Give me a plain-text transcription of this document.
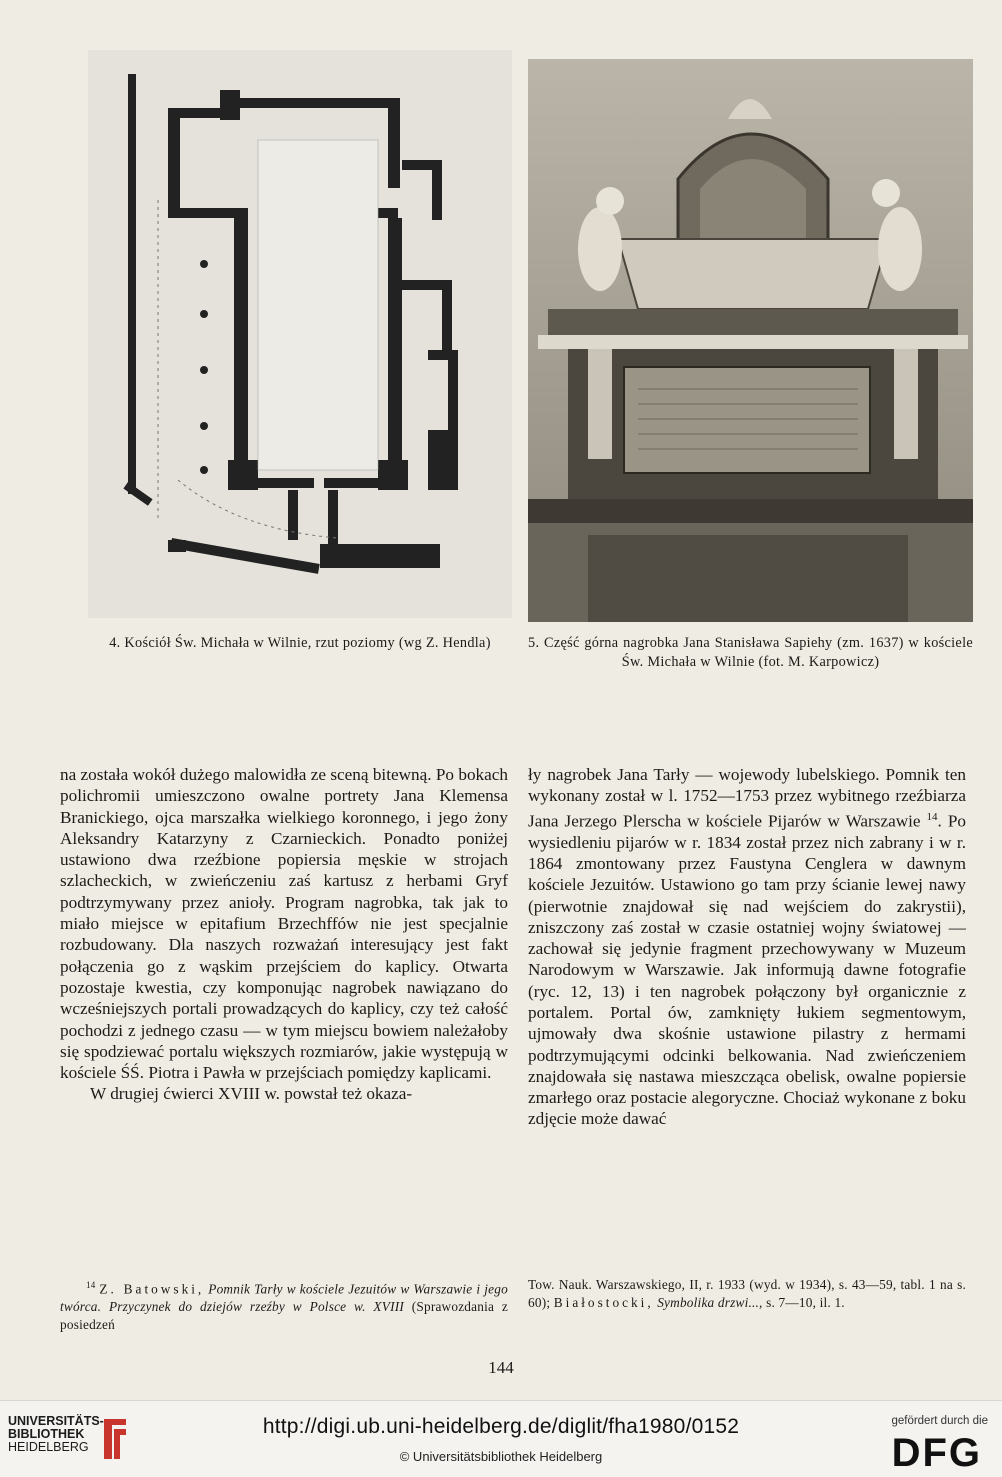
4. Kościół Św. Michała w Wilnie, rzut poziomy (wg Z. Hendla)	5. Część górna nagrobka Jana Stanisława Sapiehy (zm. 1637) w kościele Św. Michała w Wilnie (fot. M. Karpowicz)

na została wokół dużego malowidła ze sceną bitewną. Po bokach polichromii umieszczono owalne portrety Jana Klemensa Branickiego, ojca marszałka wielkiego koronnego, i jego żony Aleksandry Katarzyny z Czarnieckich. Ponadto poniżej ustawiono dwa rzeźbione popiersia męskie w strojach szlacheckich, w zwieńczeniu zaś kartusz z herbami Gryf podtrzymywany przez anioły. Program nagrobka, tak jak to miało miejsce w epitafium Brzechffów nie jest specjalnie rozbudowany. Dla naszych rozważań interesujący jest fakt połączenia go z wąskim przejściem do kaplicy. Otwarta pozostaje kwestia, czy komponując nagrobek nawiązano do wcześniejszych portali prowadzących do kaplicy, czy też całość pochodzi z jednego czasu — w tym miejscu bowiem należałoby się spodziewać portalu większych rozmiarów, jakie występują w kościele ŚŚ. Piotra i Pawła w przejściach pomiędzy kaplicami.

W drugiej ćwierci XVIII w. powstał też okaza-

ły nagrobek Jana Tarły — wojewody lubelskiego. Pomnik ten wykonany został w l. 1752—1753 przez wybitnego rzeźbiarza Jana Jerzego Plerscha w kościele Pijarów w Warszawie $^{14}$. Po wysiedleniu pijarów w r. 1834 został przez nich zabrany i w r. 1864 zmontowany przez Faustyna Cenglera w dawnym kościele Jezuitów. Ustawiono go tam przy ścianie lewej nawy (pierwotnie znajdował się nad wejściem do zakrystii), zniszczony zaś został w czasie ostatniej wojny światowej — zachował się jedynie fragment przechowywany w Muzeum Narodowym w Warszawie. Jak informują dawne fotografie (ryc. 12, 13) i ten nagrobek połączony był organicznie z portalem. Portal ów, zamknięty łukiem segmentowym, ujmowały dwa skośnie ustawione pilastry z hermami podtrzymującymi odcinki belkowania. Nad zwieńczeniem znajdowała się nastawa mieszcząca obelisk, owalne popiersie zmarłego oraz postacie alegoryczne. Chociaż wykonane z boku zdjęcie może dawać

$^{14}$ Z. Batowski, Pomnik Tarły w kościele Jezuitów w Warszawie i jego twórca. Przyczynek do dziejów rzeźby w Polsce w. XVIII (Sprawozdania z posiedzeń

Tow. Nauk. Warszawskiego, II, r. 1933 (wyd. w 1934), s. 43—59, tabl. 1 na s. 60); Białostocki, Symbolika drzwi..., s. 7—10, il. 1.

144
UNIVERSITÄTS-
BIBLIOTHEK
HEIDELBERG
http://digi.ub.uni-heidelberg.de/diglit/fha1980/0152
© Universitätsbibliothek Heidelberg
gefördert durch die
DFG
